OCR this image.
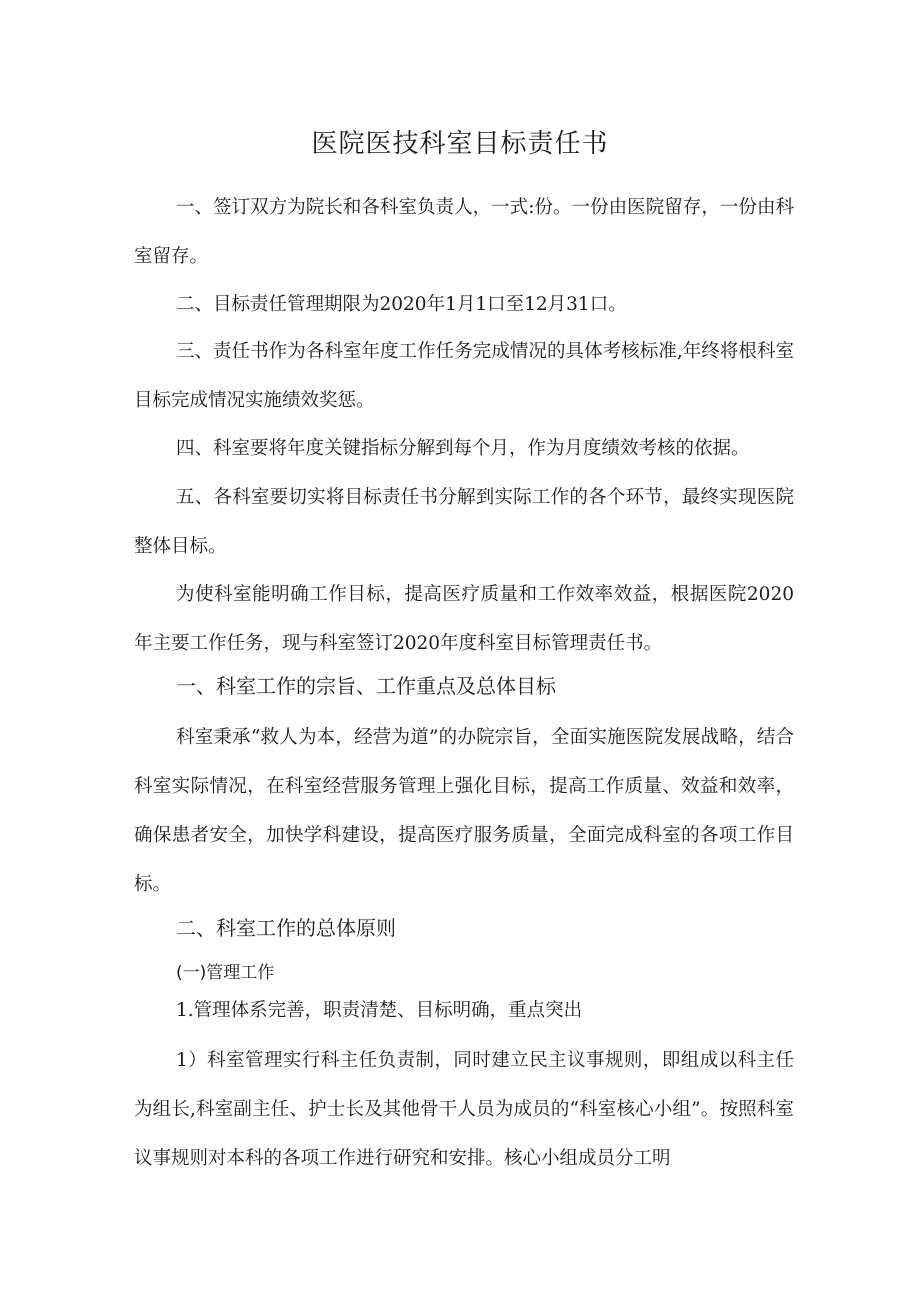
医院医技科室目标责任书

一、签订双方为院长和各科室负责人，一式:份。一份由医院留存，一份由科室留存。

二、目标责任管理期限为2020年1月1口至12月31口。

三、责任书作为各科室年度工作任务完成情况的具体考核标准,年终将根科室目标完成情况实施绩效奖惩。

四、科室要将年度关键指标分解到每个月，作为月度绩效考核的依据。

五、各科室要切实将目标责任书分解到实际工作的各个环节，最终实现医院整体目标。

为使科室能明确工作目标，提高医疗质量和工作效率效益，根据医院2020年主要工作任务，现与科室签订2020年度科室目标管理责任书。

一、科室工作的宗旨、工作重点及总体目标

科室秉承“救人为本，经营为道”的办院宗旨，全面实施医院发展战略，结合科室实际情况，在科室经营服务管理上强化目标，提高工作质量、效益和效率，确保患者安全，加快学科建设，提高医疗服务质量，全面完成科室的各项工作目标。

二、科室工作的总体原则
(一)管理工作

1.管理体系完善，职责清楚、目标明确，重点突出

1）科室管理实行科主任负责制，同时建立民主议事规则，即组成以科主任为组长,科室副主任、护士长及其他骨干人员为成员的“科室核心小组”。按照科室议事规则对本科的各项工作进行研究和安排。核心小组成员分工明
